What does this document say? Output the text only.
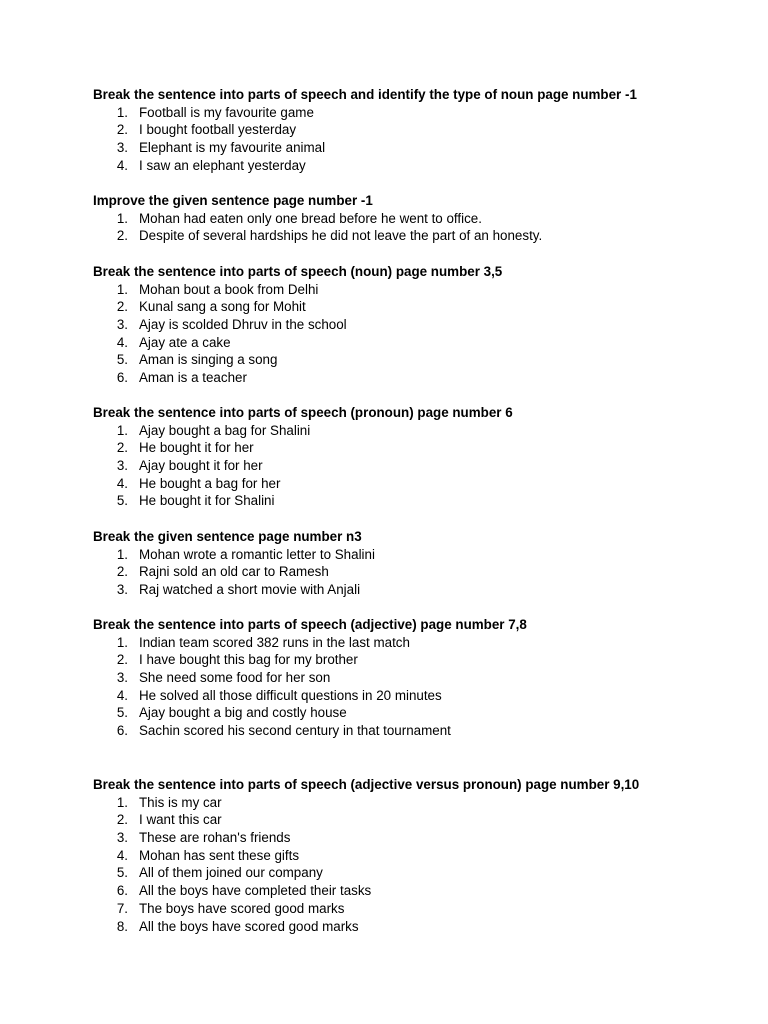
Break the sentence into parts of speech and identify the type of noun page number -1

1. Football is my favourite game
2. I bought football yesterday
3. Elephant is my favourite animal
4. I saw an elephant yesterday

Improve the given sentence page number -1

1. Mohan had eaten only one bread before he went to office.
2. Despite of several hardships he did not leave the part of an honesty.

Break the sentence into parts of speech (noun) page number 3,5

1. Mohan bout a book from Delhi
2. Kunal sang a song for Mohit
3. Ajay is scolded Dhruv in the school
4. Ajay ate a cake
5. Aman is singing a song
6. Aman is a teacher

Break the sentence into parts of speech (pronoun) page number 6

1. Ajay bought a bag for Shalini
2. He bought it for her
3. Ajay bought it for her
4. He bought a bag for her
5. He bought it for Shalini

Break the given sentence page number n3

1. Mohan wrote a romantic letter to Shalini
2. Rajni sold an old car to Ramesh
3. Raj watched a short movie with Anjali

Break the sentence into parts of speech (adjective) page number 7,8

1. Indian team scored 382 runs in the last match
2. I have bought this bag for my brother
3. She need some food for her son
4. He solved all those difficult questions in 20 minutes
5. Ajay bought a big and costly house
6. Sachin scored his second century in that tournament

Break the sentence into parts of speech (adjective versus pronoun) page number 9,10

1. This is my car
2. I want this car
3. These are rohan's friends
4. Mohan has sent these gifts
5. All of them joined our company
6. All the boys have completed their tasks
7. The boys have scored good marks
8. All the boys have scored good marks
